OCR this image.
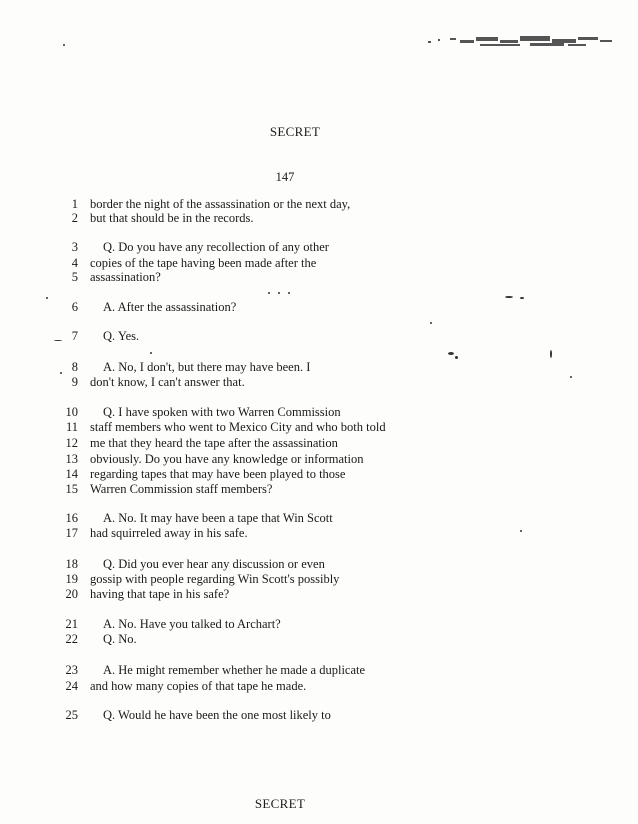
SECRET
147
1 border the night of the assassination or the next day,
2 but that should be in the records.
3 Q. Do you have any recollection of any other
4 copies of the tape having been made after the
5 assassination?
6 A. After the assassination?
7 Q. Yes.
8 A. No, I don't, but there may have been. I
9 don't know, I can't answer that.
10 Q. I have spoken with two Warren Commission
11 staff members who went to Mexico City and who both told
12 me that they heard the tape after the assassination
13 obviously. Do you have any knowledge or information
14 regarding tapes that may have been played to those
15 Warren Commission staff members?
16 A. No. It may have been a tape that Win Scott
17 had squirreled away in his safe.
18 Q. Did you ever hear any discussion or even
19 gossip with people regarding Win Scott's possibly
20 having that tape in his safe?
21 A. No. Have you talked to Archart?
22 Q. No.
23 A. He might remember whether he made a duplicate
24 and how many copies of that tape he made.
25 Q. Would he have been the one most likely to
SECRET
